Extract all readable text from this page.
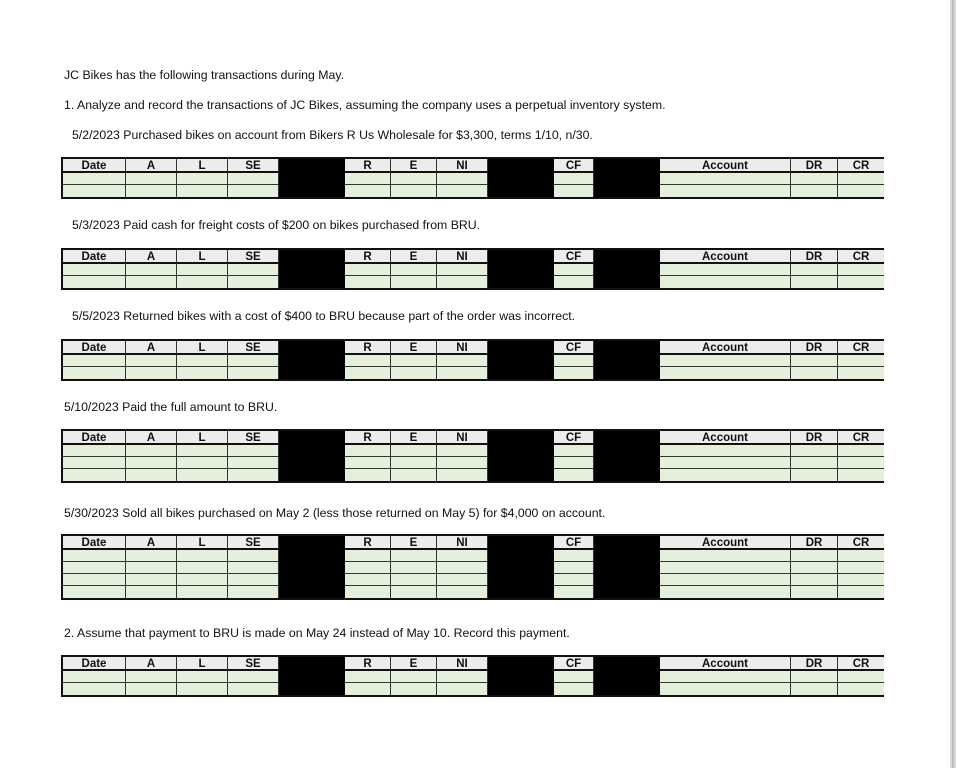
JC Bikes has the following transactions during May.
1. Analyze and record the transactions of JC Bikes, assuming the company uses a perpetual inventory system.
5/2/2023 Purchased bikes on account from Bikers R Us Wholesale for $3,300, terms 1/10, n/30.
Date	A	L	SE	R	E	NI	CF	Account	DR	CR
5/3/2023 Paid cash for freight costs of $200 on bikes purchased from BRU.
Date	A	L	SE	R	E	NI	CF	Account	DR	CR
5/5/2023 Returned bikes with a cost of $400 to BRU because part of the order was incorrect.
Date	A	L	SE	R	E	NI	CF	Account	DR	CR
5/10/2023 Paid the full amount to BRU.
Date	A	L	SE	R	E	NI	CF	Account	DR	CR
5/30/2023 Sold all bikes purchased on May 2 (less those returned on May 5) for $4,000 on account.
Date	A	L	SE	R	E	NI	CF	Account	DR	CR
2. Assume that payment to BRU is made on May 24 instead of May 10. Record this payment.
Date	A	L	SE	R	E	NI	CF	Account	DR	CR
